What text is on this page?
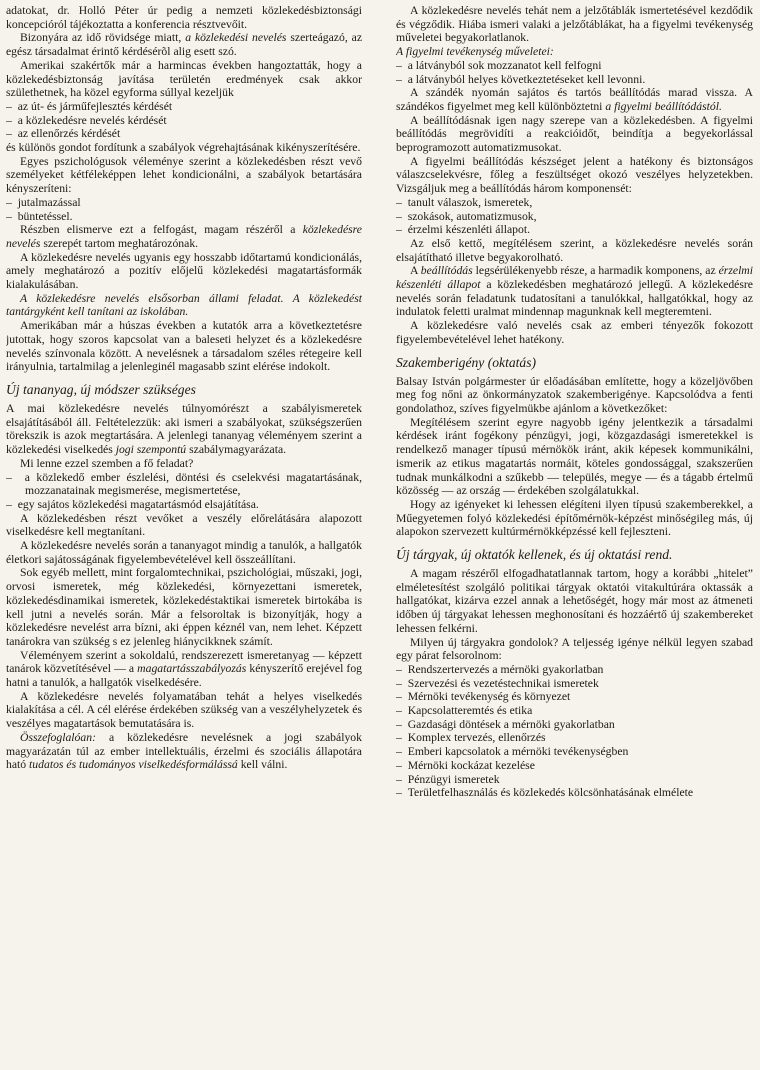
adatokat, dr. Holló Péter úr pedig a nemzeti közlekedésbiztonsági koncepcióról tájékoztatta a konferencia résztvevőit.

Bizonyára az idő rövidsége miatt, a közlekedési nevelés szerteágazó, az egész társadalmat érintő kérdésérõl alig esett szó.

Amerikai szakértők már a harmincas években hangoztatták, hogy a közlekedésbiztonság javítása területén eredmények csak akkor születhetnek, ha közel egyforma súllyal kezeljük

– az út- és járműfejlesztés kérdését

– a közlekedésre nevelés kérdését

– az ellenőrzés kérdését

és különös gondot fordítunk a szabályok végrehajtásának kikényszerítésére.

Egyes pszichológusok véleménye szerint a közlekedésben részt vevő személyeket kétféleképpen lehet kondicionálni, a szabályok betartására kényszeríteni:

– jutalmazással

– büntetéssel.

Részben elismerve ezt a felfogást, magam részéről a közlekedésre nevelés szerepét tartom meghatározónak.

A közlekedésre nevelés ugyanis egy hosszabb időtartamú kondicionálás, amely meghatározó a pozitív előjelű közlekedési magatartásformák kialakulásában.

A közlekedésre nevelés elsősorban állami feladat. A közlekedést tantárgyként kell tanítani az iskolában.

Amerikában már a húszas években a kutatók arra a következtetésre jutottak, hogy szoros kapcsolat van a baleseti helyzet és a közlekedésre nevelés színvonala között. A nevelésnek a társadalom széles rétegeire kell irányulnia, tartalmilag a jelenleginél magasabb szint elérése indokolt.

Új tananyag, új módszer szükséges

A mai közlekedésre nevelés túlnyomórészt a szabályismeretek elsajátításából áll. Feltételezzük: aki ismeri a szabályokat, szükségszerűen törekszik is azok megtartására. A jelenlegi tananyag véleményem szerint a közlekedési viselkedés jogi szempontú szabálymagyarázata.

Mi lenne ezzel szemben a fő feladat?

– a közlekedő ember észlelési, döntési és cselekvési magatartásának, mozzanatainak megismerése, megismertetése,

– egy sajátos közlekedési magatartásmód elsajátítása.

A közlekedésben részt vevőket a veszély előrelátására alapozott viselkedésre kell megtanítani.

A közlekedésre nevelés során a tananyagot mindig a tanulók, a hallgatók életkori sajátosságának figyelembevételével kell összeállítani.

Sok egyéb mellett, mint forgalomtechnikai, pszichológiai, műszaki, jogi, orvosi ismeretek, még közlekedési, környezettani ismeretek, közlekedésdinamikai ismeretek, közlekedéstaktikai ismeretek birtokába is kell jutni a nevelés során. Már a felsoroltak is bizonyítják, hogy a közlekedésre nevelést arra bízni, aki éppen kéznél van, nem lehet. Képzett tanárokra van szükség s ez jelenleg hiánycikknek számít.

Véleményem szerint a sokoldalú, rendszerezett ismeretanyag — képzett tanárok közvetítésével — a magatartásszabályozás kényszerítő erejével fog hatni a tanulók, a hallgatók viselkedésére.

A közlekedésre nevelés folyamatában tehát a helyes viselkedés kialakítása a cél. A cél elérése érdekében szükség van a veszélyhelyzetek és veszélyes magatartások bemutatására is.

Összefoglalóan: a közlekedésre nevelésnek a jogi szabályok magyarázatán túl az ember intellektuális, érzelmi és szociális állapotára ható tudatos és tudományos viselkedésformálássá kell válni.

A közlekedésre nevelés tehát nem a jelzőtáblák ismertetésével kezdődik és végződik. Hiába ismeri valaki a jelzőtáblákat, ha a figyelmi tevékenység műveletei begyakorlatlanok.

A figyelmi tevékenység műveletei:

– a látványból sok mozzanatot kell felfogni

– a látványból helyes következtetéseket kell levonni.

A szándék nyomán sajátos és tartós beállítódás marad vissza. A szándékos figyelmet meg kell különböztetni a figyelmi beállítódástól.

A beállítódásnak igen nagy szerepe van a közlekedésben. A figyelmi beállítódás megrövidíti a reakcióidőt, beindítja a begyekorlással beprogramozott automatizmusokat.

A figyelmi beállítódás készséget jelent a hatékony és biztonságos válaszcselekvésre, főleg a feszültséget okozó veszélyes helyzetekben. Vizsgáljuk meg a beállítódás három komponensét:

– tanult válaszok, ismeretek,

– szokások, automatizmusok,

– érzelmi készenléti állapot.

Az első kettő, megítélésem szerint, a közlekedésre nevelés során elsajátítható illetve begyakorolható.

A beállítódás legsérülékenyebb része, a harmadik komponens, az érzelmi készenléti állapot a közlekedésben meghatározó jellegű. A közlekedésre nevelés során feladatunk tudatosítani a tanulókkal, hallgatókkal, hogy az indulatok feletti uralmat mindennap magunknak kell megteremteni.

A közlekedésre való nevelés csak az emberi tényezők fokozott figyelembevételével lehet hatékony.

Szakemberigény (oktatás)

Balsay István polgármester úr előadásában említette, hogy a közeljövőben meg fog nőni az önkormányzatok szakemberigénye. Kapcsolódva a fenti gondolathoz, szíves figyelmükbe ajánlom a következőket:

Megítélésem szerint egyre nagyobb igény jelentkezik a társadalmi kérdések iránt fogékony pénzügyi, jogi, közgazdasági ismeretekkel is rendelkező manager típusú mérnökök iránt, akik képesek kommunikálni, ismerik az etikus magatartás normáit, köteles gondossággal, szakszerűen tudnak munkálkodni a szűkebb — település, megye — és a tágabb értelmű közösség — az ország — érdekében szolgálatukkal.

Hogy az igényeket ki lehessen elégíteni ilyen típusú szakemberekkel, a Műegyetemen folyó közlekedési építőmérnök-képzést minőségileg más, új alapokon szervezett kultúrmérnökképzéssé kell fejleszteni.

Új tárgyak, új oktatók kellenek, és új oktatási rend.

A magam részéről elfogadhatatlannak tartom, hogy a korábbi „hitelet” elméletesítést szolgáló politikai tárgyak oktatói vitakultúrára oktassák a hallgatókat, kizárva ezzel annak a lehetőségét, hogy már most az átmeneti időben új tárgyakat lehessen meghonosítani és hozzáértő új szakembereket lehessen felkérni.

Milyen új tárgyakra gondolok? A teljesség igénye nélkül legyen szabad egy párat felsorolnom:

– Rendszertervezés a mérnöki gyakorlatban

– Szervezési és vezetéstechnikai ismeretek

– Mérnöki tevékenység és környezet

– Kapcsolatteremtés és etika

– Gazdasági döntések a mérnöki gyakorlatban

– Komplex tervezés, ellenőrzés

– Emberi kapcsolatok a mérnöki tevékenységben

– Mérnöki kockázat kezelése

– Pénzügyi ismeretek

– Területfelhasználás és közlekedés kölcsönhatásának elmélete
